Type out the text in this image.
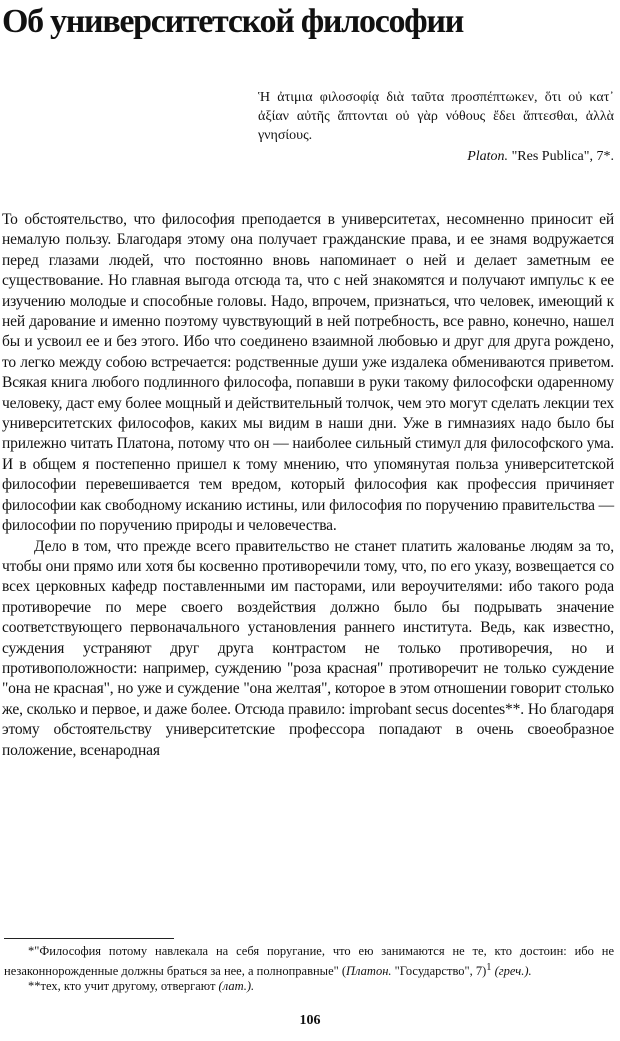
Об университетской философии
Ἡ ἀτιμια φιλοσοφίᾳ διὰ ταῦτα προσπέπτωκεν, ὅτι οὐ κατ᾽ ἀξίαν αὐτῆς ἅπτονται οὐ γὰρ νόθους ἔδει ἅπτεσθαι, ἀλλὰ γνησίους.
Platon. "Res Publica", 7*.

То обстоятельство, что философия преподается в университетах, несомненно приносит ей немалую пользу. Благодаря этому она получает гражданские права, и ее знамя водружается перед глазами людей, что постоянно вновь напоминает о ней и делает заметным ее существование. Но главная выгода отсюда та, что с ней знакомятся и получают импульс к ее изучению молодые и способные головы. Надо, впрочем, признаться, что человек, имеющий к ней дарование и именно поэтому чувствующий в ней потребность, все равно, конечно, нашел бы и усвоил ее и без этого. Ибо что соединено взаимной любовью и друг для друга рождено, то легко между собою встречается: родственные души уже издалека обмениваются приветом. Всякая книга любого подлинного философа, попавши в руки такому философски одаренному человеку, даст ему более мощный и действительный толчок, чем это могут сделать лекции тех университетских философов, каких мы видим в наши дни. Уже в гимназиях надо было бы прилежно читать Платона, потому что он — наиболее сильный стимул для философского ума. И в общем я постепенно пришел к тому мнению, что упомянутая польза университетской философии перевешивается тем вредом, который философия как профессия причиняет философии как свободному исканию истины, или философия по поручению правительства — философии по поручению природы и человечества.

Дело в том, что прежде всего правительство не станет платить жалованье людям за то, чтобы они прямо или хотя бы косвенно противоречили тому, что, по его указу, возвещается со всех церковных кафедр поставленными им пасторами, или вероучителями: ибо такого рода противоречие по мере своего воздействия должно было бы подрывать значение соответствующего первоначального установления раннего института. Ведь, как известно, суждения устраняют друг друга контрастом не только противоречия, но и противоположности: например, суждению "роза красная" противоречит не только суждение "она не красная", но уже и суждение "она желтая", которое в этом отношении говорит столько же, сколько и первое, и даже более. Отсюда правило: improbant secus docentes**. Но благодаря этому обстоятельству университетские профессора попадают в очень своеобразное положение, всенародная

*"Философия потому навлекала на себя поругание, что ею занимаются не те, кто достоин: ибо не незаконнорожденные должны браться за нее, а полноправные" (Платон. "Государство", 7)$^1$ (греч.).

**тех, кто учит другому, отвергают (лат.).

106
